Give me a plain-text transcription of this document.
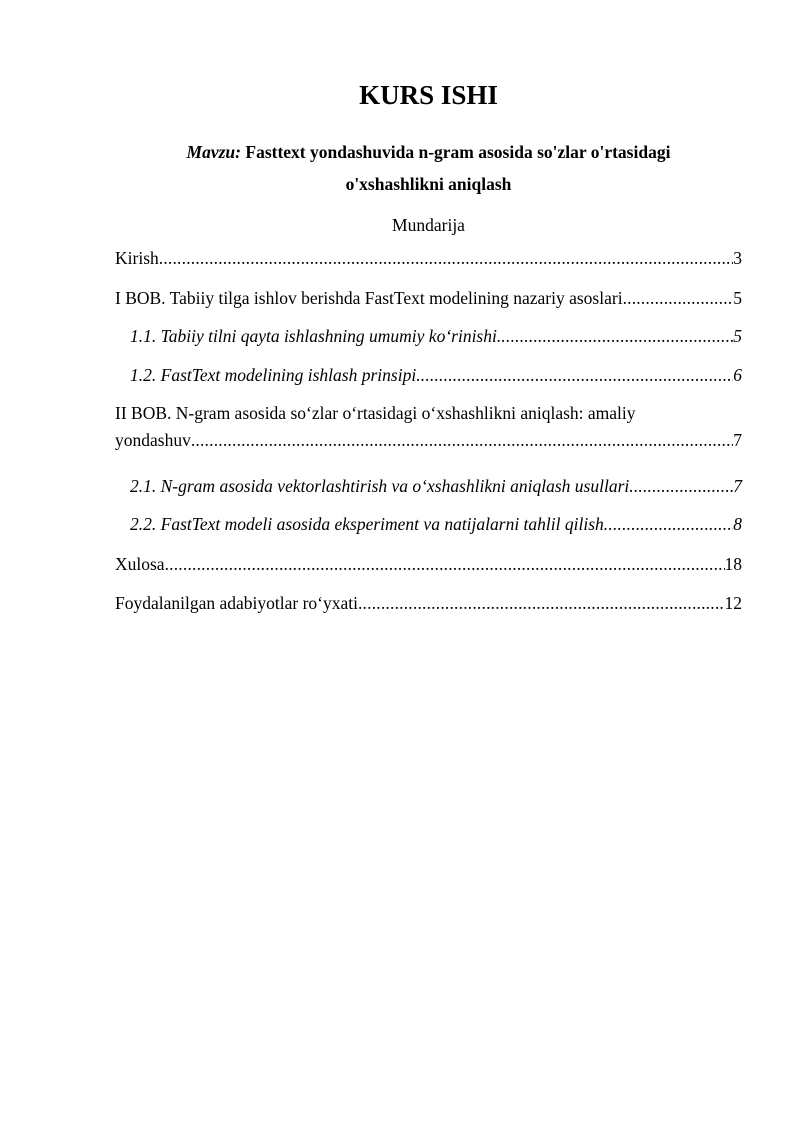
KURS ISHI
Mavzu: Fasttext yondashuvida n-gram asosida so'zlar o'rtasidagi
o'xshashlikni aniqlash
Mundarija
Kirish .....	3
I BOB. Tabiiy tilga ishlov berishda FastText modelining nazariy asoslari .....	5
1.1. Tabiiy tilni qayta ishlashning umumiy ko‘rinishi .....	5
1.2. FastText modelining ishlash prinsipi .....	6
II BOB. N-gram asosida so‘zlar o‘rtasidagi o‘xshashlikni aniqlash: amaliy
yondashuv .....	7
2.1. N-gram asosida vektorlashtirish va o‘xshashlikni aniqlash usullari .....	7
2.2. FastText modeli asosida eksperiment va natijalarni tahlil qilish .....	8
Xulosa .....	18
Foydalanilgan adabiyotlar ro‘yxati .....	12
